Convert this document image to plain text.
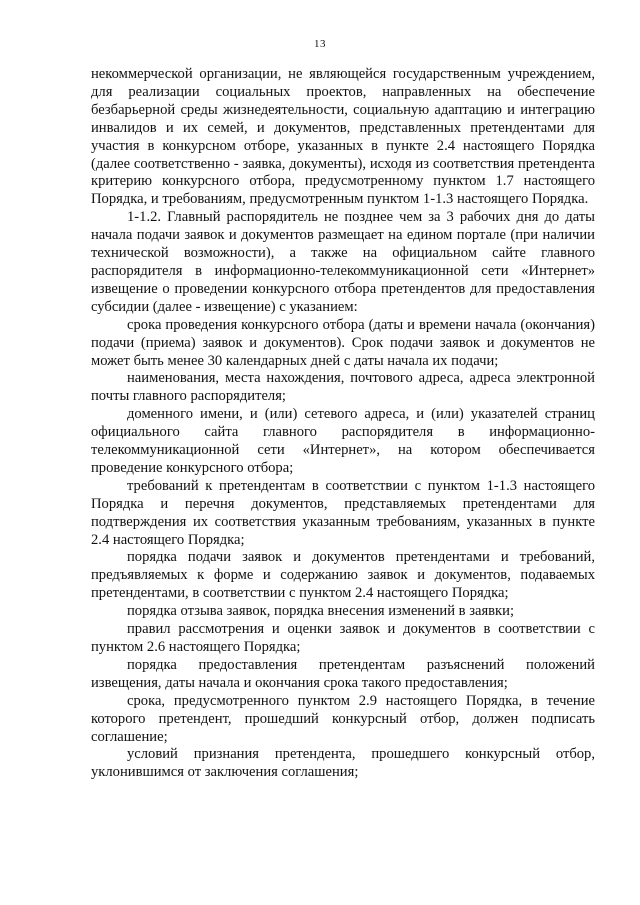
13

некоммерческой организации, не являющейся государственным учреждением, для реализации социальных проектов, направленных на обеспечение безбарьерной среды жизнедеятельности, социальную адаптацию и интеграцию инвалидов и их семей, и документов, представленных претендентами для участия в конкурсном отборе, указанных в пункте 2.4 настоящего Порядка (далее соответственно - заявка, документы), исходя из соответствия претендента критерию конкурсного отбора, предусмотренному пунктом 1.7 настоящего Порядка, и требованиям, предусмотренным пунктом 1-1.3 настоящего Порядка.

1-1.2. Главный распорядитель не позднее чем за 3 рабочих дня до даты начала подачи заявок и документов размещает на едином портале (при наличии технической возможности), а также на официальном сайте главного распорядителя в информационно-телекоммуникационной сети «Интернет» извещение о проведении конкурсного отбора претендентов для предоставления субсидии (далее - извещение) с указанием:

срока проведения конкурсного отбора (даты и времени начала (окончания) подачи (приема) заявок и документов). Срок подачи заявок и документов не может быть менее 30 календарных дней с даты начала их подачи;

наименования, места нахождения, почтового адреса, адреса электронной почты главного распорядителя;

доменного имени, и (или) сетевого адреса, и (или) указателей страниц официального сайта главного распорядителя в информационно-телекоммуникационной сети «Интернет», на котором обеспечивается проведение конкурсного отбора;

требований к претендентам в соответствии с пунктом 1-1.3 настоящего Порядка и перечня документов, представляемых претендентами для подтверждения их соответствия указанным требованиям, указанных в пункте 2.4 настоящего Порядка;

порядка подачи заявок и документов претендентами и требований, предъявляемых к форме и содержанию заявок и документов, подаваемых претендентами, в соответствии с пунктом 2.4 настоящего Порядка;

порядка отзыва заявок, порядка внесения изменений в заявки;

правил рассмотрения и оценки заявок и документов в соответствии с пунктом 2.6 настоящего Порядка;

порядка предоставления претендентам разъяснений положений извещения, даты начала и окончания срока такого предоставления;

срока, предусмотренного пунктом 2.9 настоящего Порядка, в течение которого претендент, прошедший конкурсный отбор, должен подписать соглашение;

условий признания претендента, прошедшего конкурсный отбор, уклонившимся от заключения соглашения;
